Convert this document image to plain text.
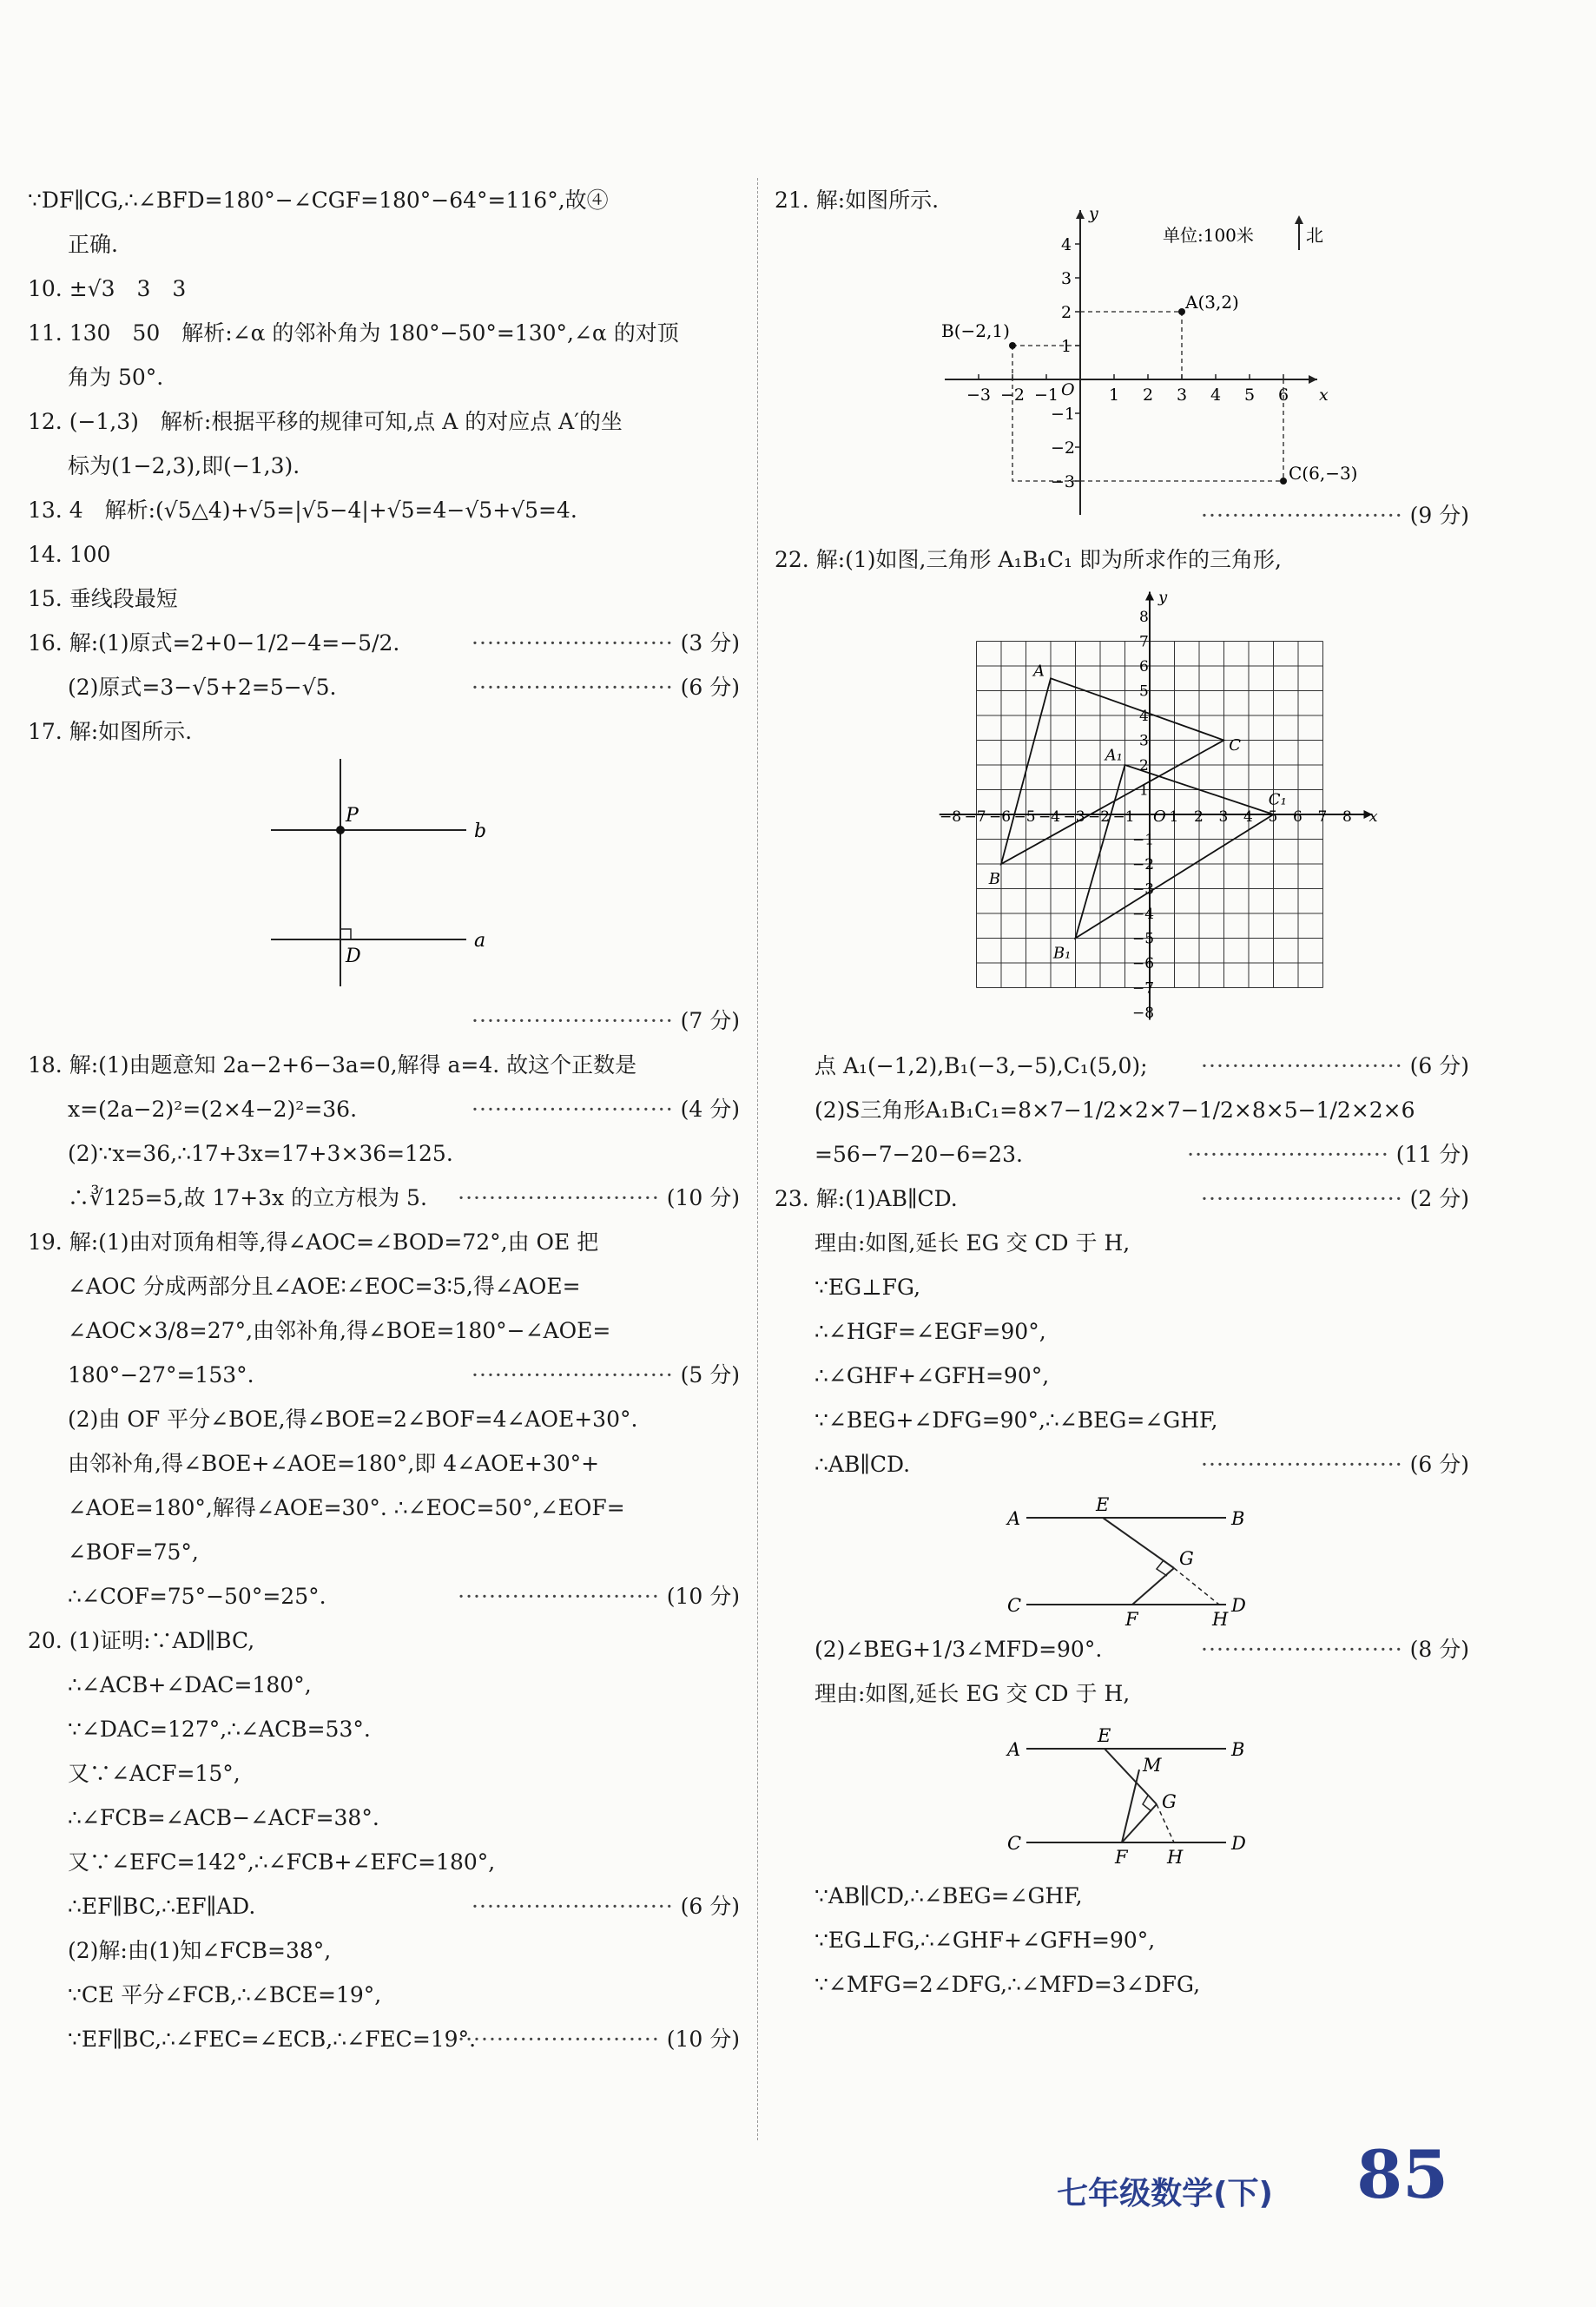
∵DF∥CG,∴∠BFD=180°−∠CGF=180°−64°=116°,故④
正确.
10. ±√3　3　3
11. 130　50　解析:∠α 的邻补角为 180°−50°=130°,∠α 的对顶
角为 50°.
12. (−1,3)　解析:根据平移的规律可知,点 A 的对应点 A′的坐
标为(1−2,3),即(−1,3).
13. 4　解析:(√5△4)+√5=|√5−4|+√5=4−√5+√5=4.
14. 100
15. 垂线段最短
16. 解:(1)原式=2+0−1/2−4=−5/2.	·························· (3 分)
(2)原式=3−√5+2=5−√5.	·························· (6 分)
17. 解:如图所示.
P
b
D
a
·························· (7 分)
18. 解:(1)由题意知 2a−2+6−3a=0,解得 a=4. 故这个正数是
x=(2a−2)²=(2×4−2)²=36.	·························· (4 分)
(2)∵x=36,∴17+3x=17+3×36=125.
∴∛125=5,故 17+3x 的立方根为 5. ·························· (10 分)
19. 解:(1)由对顶角相等,得∠AOC=∠BOD=72°,由 OE 把
∠AOC 分成两部分且∠AOE∶∠EOC=3∶5,得∠AOE=
∠AOC×3/8=27°,由邻补角,得∠BOE=180°−∠AOE=
180°−27°=153°.	·························· (5 分)
(2)由 OF 平分∠BOE,得∠BOE=2∠BOF=4∠AOE+30°.
由邻补角,得∠BOE+∠AOE=180°,即 4∠AOE+30°+
∠AOE=180°,解得∠AOE=30°. ∴∠EOC=50°,∠EOF=
∠BOF=75°,
∴∠COF=75°−50°=25°.	·························· (10 分)
20. (1)证明:∵AD∥BC,
∴∠ACB+∠DAC=180°,
∵∠DAC=127°,∴∠ACB=53°.
又∵∠ACF=15°,
∴∠FCB=∠ACB−∠ACF=38°.
又∵∠EFC=142°,∴∠FCB+∠EFC=180°,
∴EF∥BC,∴EF∥AD.	·························· (6 分)
(2)解:由(1)知∠FCB=38°,
∵CE 平分∠FCB,∴∠BCE=19°,
∵EF∥BC,∴∠FEC=∠ECB,∴∠FEC=19°.
·························· (10 分)
21. 解:如图所示.
−3 −2 −1	1 2 3 4 5 6
4
3
2
1
−1
−2
−3
O	x
y
A(3,2)
B(−2,1)
C(6,−3)
单位:100米	北
·························· (9 分)
22. 解:(1)如图,三角形 A₁B₁C₁ 即为所求作的三角形,
−8 −7 −6 −5 −4 −3 −2 −1 1 2 3 4 5 6 7 8
8
7
6
5
4
3
2
1
−1
−2
−3
−4
−5
−6
−7
−8
O	x
y
A
B
C
A₁
B₁
C₁
点 A₁(−1,2),B₁(−3,−5),C₁(5,0); ·························· (6 分)
(2)S三角形A₁B₁C₁=8×7−1/2×2×7−1/2×8×5−1/2×2×6
=56−7−20−6=23.	·························· (11 分)
23. 解:(1)AB∥CD.	·························· (2 分)
理由:如图,延长 EG 交 CD 于 H,
∵EG⊥FG,
∴∠HGF=∠EGF=90°,
∴∠GHF+∠GFH=90°,
∵∠BEG+∠DFG=90°,∴∠BEG=∠GHF,
∴AB∥CD.	·························· (6 分)
A	B
C	D
E
G
F	H
(2)∠BEG+1/3∠MFD=90°.	·························· (8 分)
理由:如图,延长 EG 交 CD 于 H,
A	B
C	D
E
M
G
F H
∵AB∥CD,∴∠BEG=∠GHF,
∵EG⊥FG,∴∠GHF+∠GFH=90°,
∵∠MFG=2∠DFG,∴∠MFD=3∠DFG,
七年级数学(下) 85
